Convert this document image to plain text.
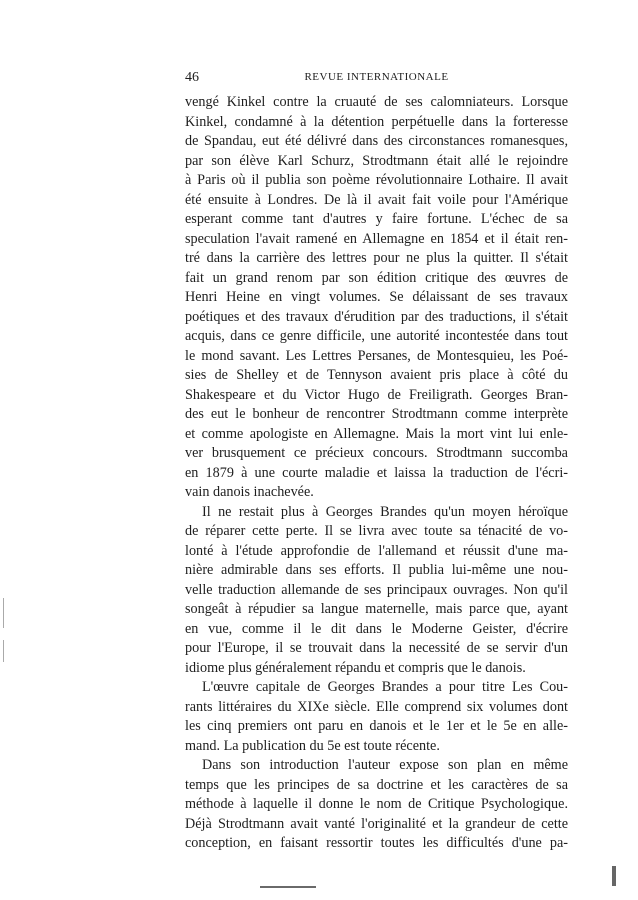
46	REVUE INTERNATIONALE
vengé Kinkel contre la cruauté de ses calomniateurs. Lorsque
Kinkel, condamné à la détention perpétuelle dans la forteresse
de Spandau, eut été délivré dans des circonstances romanesques,
par son élève Karl Schurz, Strodtmann était allé le rejoindre
à Paris où il publia son poème révolutionnaire Lothaire. Il avait
été ensuite à Londres. De là il avait fait voile pour l'Amérique
esperant comme tant d'autres y faire fortune. L'échec de sa
speculation l'avait ramené en Allemagne en 1854 et il était ren-
tré dans la carrière des lettres pour ne plus la quitter. Il s'était
fait un grand renom par son édition critique des œuvres de
Henri Heine en vingt volumes. Se délaissant de ses travaux
poétiques et des travaux d'érudition par des traductions, il s'était
acquis, dans ce genre difficile, une autorité incontestée dans tout
le mond savant. Les Lettres Persanes, de Montesquieu, les Poé-
sies de Shelley et de Tennyson avaient pris place à côté du
Shakespeare et du Victor Hugo de Freiligrath. Georges Bran-
des eut le bonheur de rencontrer Strodtmann comme interprète
et comme apologiste en Allemagne. Mais la mort vint lui enle-
ver brusquement ce précieux concours. Strodtmann succomba
en 1879 à une courte maladie et laissa la traduction de l'écri-
vain danois inachevée.
Il ne restait plus à Georges Brandes qu'un moyen héroïque
de réparer cette perte. Il se livra avec toute sa ténacité de vo-
lonté à l'étude approfondie de l'allemand et réussit d'une ma-
nière admirable dans ses efforts. Il publia lui-même une nou-
velle traduction allemande de ses principaux ouvrages. Non qu'il
songeât à répudier sa langue maternelle, mais parce que, ayant
en vue, comme il le dit dans le Moderne Geister, d'écrire
pour l'Europe, il se trouvait dans la necessité de se servir d'un
idiome plus généralement répandu et compris que le danois.
L'œuvre capitale de Georges Brandes a pour titre Les Cou-
rants littéraires du XIXe siècle. Elle comprend six volumes dont
les cinq premiers ont paru en danois et le 1er et le 5e en alle-
mand. La publication du 5e est toute récente.
Dans son introduction l'auteur expose son plan en même
temps que les principes de sa doctrine et les caractères de sa
méthode à laquelle il donne le nom de Critique Psychologique.
Déjà Strodtmann avait vanté l'originalité et la grandeur de cette
conception, en faisant ressortir toutes les difficultés d'une pa-
